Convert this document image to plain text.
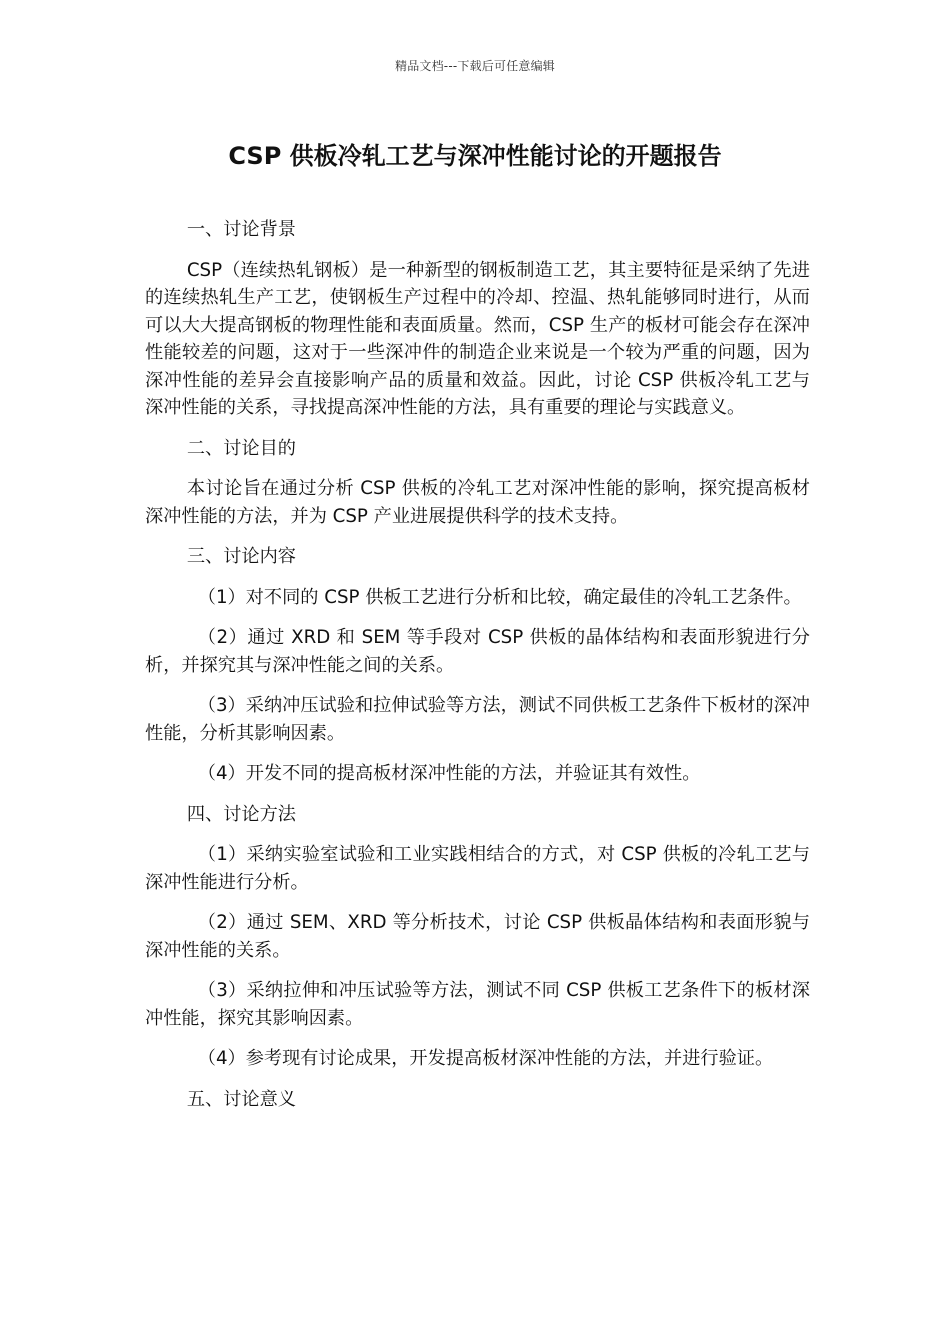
精品文档---下载后可任意编辑
CSP 供板冷轧工艺与深冲性能讨论的开题报告

一、讨论背景

CSP（连续热轧钢板）是一种新型的钢板制造工艺，其主要特征是采纳了先进的连续热轧生产工艺，使钢板生产过程中的冷却、控温、热轧能够同时进行，从而可以大大提高钢板的物理性能和表面质量。然而，CSP 生产的板材可能会存在深冲性能较差的问题，这对于一些深冲件的制造企业来说是一个较为严重的问题，因为深冲性能的差异会直接影响产品的质量和效益。因此，讨论 CSP 供板冷轧工艺与深冲性能的关系，寻找提高深冲性能的方法，具有重要的理论与实践意义。

二、讨论目的

本讨论旨在通过分析 CSP 供板的冷轧工艺对深冲性能的影响，探究提高板材深冲性能的方法，并为 CSP 产业进展提供科学的技术支持。

三、讨论内容

（1）对不同的 CSP 供板工艺进行分析和比较，确定最佳的冷轧工艺条件。

（2）通过 XRD 和 SEM 等手段对 CSP 供板的晶体结构和表面形貌进行分析，并探究其与深冲性能之间的关系。

（3）采纳冲压试验和拉伸试验等方法，测试不同供板工艺条件下板材的深冲性能，分析其影响因素。

（4）开发不同的提高板材深冲性能的方法，并验证其有效性。

四、讨论方法

（1）采纳实验室试验和工业实践相结合的方式，对 CSP 供板的冷轧工艺与深冲性能进行分析。

（2）通过 SEM、XRD 等分析技术，讨论 CSP 供板晶体结构和表面形貌与深冲性能的关系。

（3）采纳拉伸和冲压试验等方法，测试不同 CSP 供板工艺条件下的板材深冲性能，探究其影响因素。

（4）参考现有讨论成果，开发提高板材深冲性能的方法，并进行验证。

五、讨论意义
